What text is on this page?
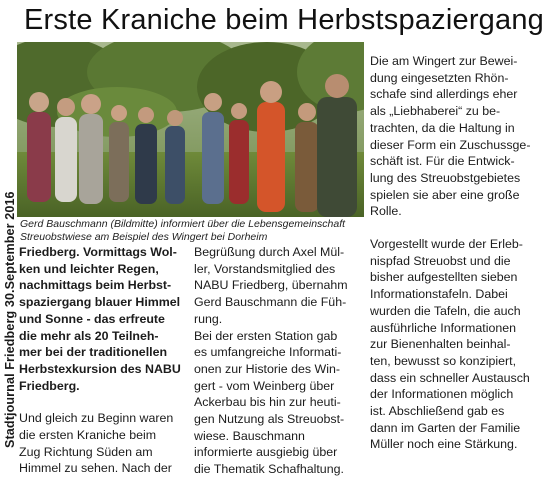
Stadtjournal Friedberg 30.September 2016
Erste Kraniche beim Herbstspaziergang
Gerd Bauschmann (Bildmitte) informiert über die Lebensgemeinschaft
Streuobstwiese am Beispiel des Wingert bei Dorheim

Friedberg. Vormittags Wol-
ken und leichter Regen,
nachmittags beim Herbst-
spaziergang blauer Himmel
und Sonne - das erfreute
die mehr als 20 Teilneh-
mer bei der traditionellen
Herbstexkursion des NABU
Friedberg.

Und gleich zu Beginn waren
die ersten Kraniche beim
Zug Richtung Süden am
Himmel zu sehen. Nach der

Begrüßung durch Axel Mül-
ler, Vorstandsmitglied des
NABU Friedberg, übernahm
Gerd Bauschmann die Füh-
rung.

Bei der ersten Station gab
es umfangreiche Informati-
onen zur Historie des Win-
gert - vom Weinberg über
Ackerbau bis hin zur heuti-
gen Nutzung als Streuobst-
wiese. Bauschmann
informierte ausgiebig über
die Thematik Schafhaltung.

Die am Wingert zur Bewei-
dung eingesetzten Rhön-
schafe sind allerdings eher
als „Liebhaberei“ zu be-
trachten, da die Haltung in
dieser Form ein Zuschussge-
schäft ist. Für die Entwick-
lung des Streuobstgebietes
spielen sie aber eine große
Rolle.

Vorgestellt wurde der Erleb-
nispfad Streuobst und die
bisher aufgestellten sieben
Informationstafeln. Dabei
wurden die Tafeln, die auch
ausführliche Informationen
zur Bienenhalten beinhal-
ten, bewusst so konzipiert,
dass ein schneller Austausch
der Informationen möglich
ist. Abschließend gab es
dann im Garten der Familie
Müller noch eine Stärkung.
